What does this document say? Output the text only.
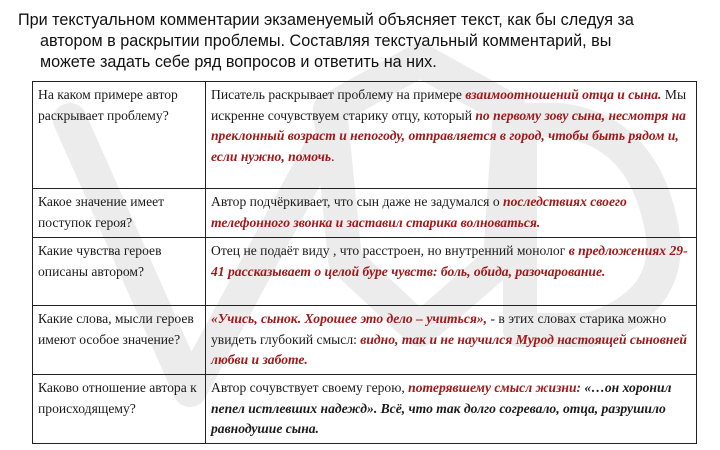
При текстуальном комментарии экзаменуемый объясняет текст, как бы следуя за
автором в раскрытии проблемы. Составляя текстуальный комментарий, вы
можете задать себе ряд вопросов и ответить на них.

На каком примере автор раскрывает проблему?	Писатель раскрывает проблему на примере взаимоотношений отца и сына. Мы искренне сочувствуем старику отцу, который по первому зову сына, несмотря на преклонный возраст и непогоду, отправляется в город, чтобы быть рядом и, если нужно, помочь.
Какое значение имеет поступок героя?	Автор подчёркивает, что сын даже не задумался о последствиях своего телефонного звонка и заставил старика волноваться.
Какие чувства героев описаны автором?	Отец не подаёт виду , что расстроен, но внутренний монолог в предложениях 29-41 рассказывает о целой буре чувств: боль, обида, разочарование.
Какие слова, мысли героев имеют особое значение?	«Учись, сынок. Хорошее это дело – учиться», - в этих словах старика можно увидеть глубокий смысл: видно, так и не научился Мурод настоящей сыновней любви и заботе.
Каково отношение автора к происходящему?	Автор сочувствует своему герою, потерявшему смысл жизни: «…он хоронил пепел истлевших надежд». Всё, что так долго согревало, отца, разрушило равнодушие сына.
